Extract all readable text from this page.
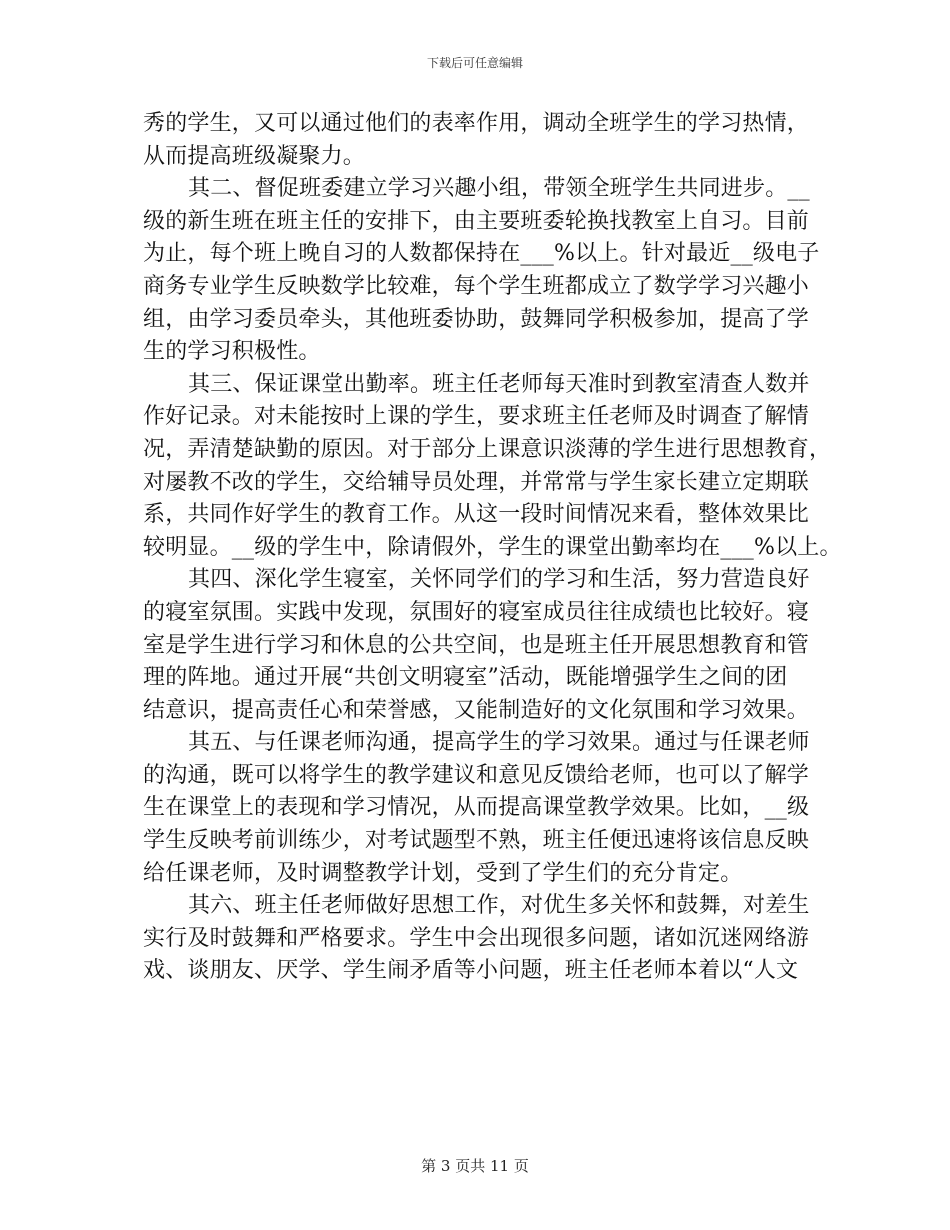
下载后可任意编辑
秀的学生，又可以通过他们的表率作用，调动全班学生的学习热情，
从而提高班级凝聚力。
其二、督促班委建立学习兴趣小组，带领全班学生共同进步。__
级的新生班在班主任的安排下，由主要班委轮换找教室上自习。目前
为止，每个班上晚自习的人数都保持在___%以上。针对最近__级电子
商务专业学生反映数学比较难，每个学生班都成立了数学学习兴趣小
组，由学习委员牵头，其他班委协助，鼓舞同学积极参加，提高了学
生的学习积极性。
其三、保证课堂出勤率。班主任老师每天准时到教室清查人数并
作好记录。对未能按时上课的学生，要求班主任老师及时调查了解情
况，弄清楚缺勤的原因。对于部分上课意识淡薄的学生进行思想教育，
对屡教不改的学生，交给辅导员处理，并常常与学生家长建立定期联
系，共同作好学生的教育工作。从这一段时间情况来看，整体效果比
较明显。__级的学生中，除请假外，学生的课堂出勤率均在___%以上。
其四、深化学生寝室，关怀同学们的学习和生活，努力营造良好
的寝室氛围。实践中发现，氛围好的寝室成员往往成绩也比较好。寝
室是学生进行学习和休息的公共空间，也是班主任开展思想教育和管
理的阵地。通过开展“共创文明寝室”活动，既能增强学生之间的团
结意识，提高责任心和荣誉感，又能制造好的文化氛围和学习效果。
其五、与任课老师沟通，提高学生的学习效果。通过与任课老师
的沟通，既可以将学生的教学建议和意见反馈给老师，也可以了解学
生在课堂上的表现和学习情况，从而提高课堂教学效果。比如，__级
学生反映考前训练少，对考试题型不熟，班主任便迅速将该信息反映
给任课老师，及时调整教学计划，受到了学生们的充分肯定。
其六、班主任老师做好思想工作，对优生多关怀和鼓舞，对差生
实行及时鼓舞和严格要求。学生中会出现很多问题，诸如沉迷网络游
戏、谈朋友、厌学、学生闹矛盾等小问题，班主任老师本着以“人文
第 3 页共 11 页
